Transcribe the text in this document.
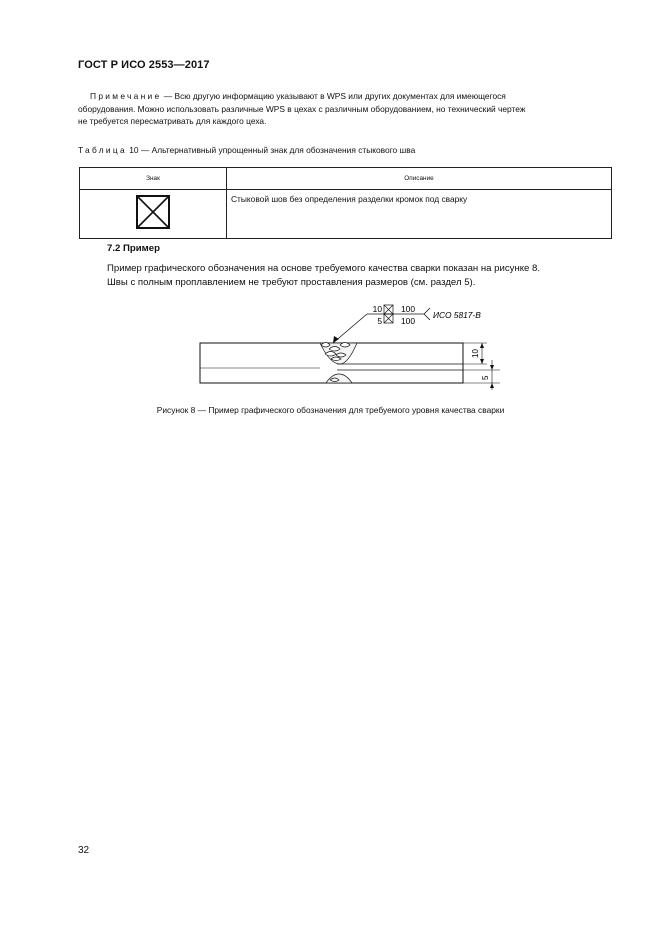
ГОСТ Р ИСО 2553—2017
Примечание — Всю другую информацию указывают в WPS или других документах для имеющегося
оборудования. Можно использовать различные WPS в цехах с различным оборудованием, но технический чертеж
не требуется пересматривать для каждого цеха.
Таблица 10 — Альтернативный упрощенный знак для обозначения стыкового шва
Знак	Описание

	Стыковой шов без определения разделки кромок под сварку
7.2 Пример
Пример графического обозначения на основе требуемого качества сварки показан на рисунке 8.
Швы с полным проплавлением не требуют проставления размеров (см. раздел 5).
10
5
100
100
ИСО 5817-B
10
5
Рисунок 8 — Пример графического обозначения для требуемого уровня качества сварки
32
